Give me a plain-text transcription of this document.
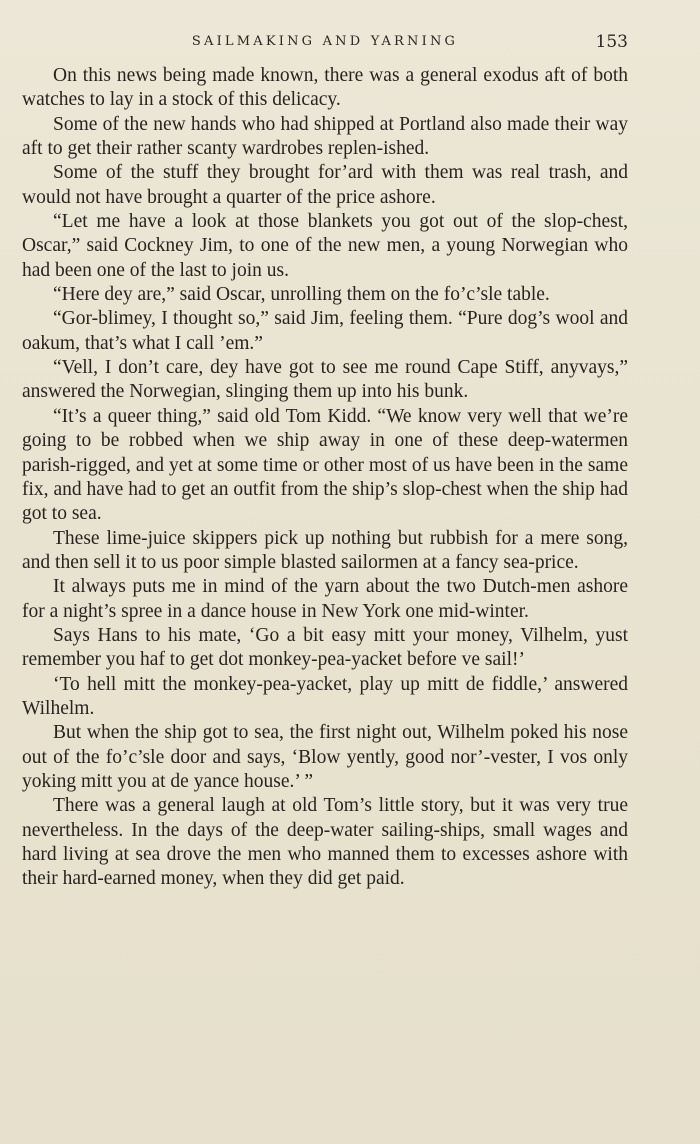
SAILMAKING AND YARNING	153

On this news being made known, there was a general exodus aft of both watches to lay in a stock of this delicacy.

Some of the new hands who had shipped at Portland also made their way aft to get their rather scanty wardrobes replen-ished.

Some of the stuff they brought for’ard with them was real trash, and would not have brought a quarter of the price ashore.

“Let me have a look at those blankets you got out of the slop-chest, Oscar,” said Cockney Jim, to one of the new men, a young Norwegian who had been one of the last to join us.

“Here dey are,” said Oscar, unrolling them on the fo’c’sle table.

“Gor-blimey, I thought so,” said Jim, feeling them. “Pure dog’s wool and oakum, that’s what I call ’em.”

“Vell, I don’t care, dey have got to see me round Cape Stiff, anyvays,” answered the Norwegian, slinging them up into his bunk.

“It’s a queer thing,” said old Tom Kidd. “We know very well that we’re going to be robbed when we ship away in one of these deep-watermen parish-rigged, and yet at some time or other most of us have been in the same fix, and have had to get an outfit from the ship’s slop-chest when the ship had got to sea.

These lime-juice skippers pick up nothing but rubbish for a mere song, and then sell it to us poor simple blasted sailormen at a fancy sea-price.

It always puts me in mind of the yarn about the two Dutch-men ashore for a night’s spree in a dance house in New York one mid-winter.

Says Hans to his mate, ‘Go a bit easy mitt your money, Vilhelm, yust remember you haf to get dot monkey-pea-yacket before ve sail!’

‘To hell mitt the monkey-pea-yacket, play up mitt de fiddle,’ answered Wilhelm.

But when the ship got to sea, the first night out, Wilhelm poked his nose out of the fo’c’sle door and says, ‘Blow yently, good nor’-vester, I vos only yoking mitt you at de yance house.’ ”

There was a general laugh at old Tom’s little story, but it was very true nevertheless. In the days of the deep-water sailing-ships, small wages and hard living at sea drove the men who manned them to excesses ashore with their hard-earned money, when they did get paid.
